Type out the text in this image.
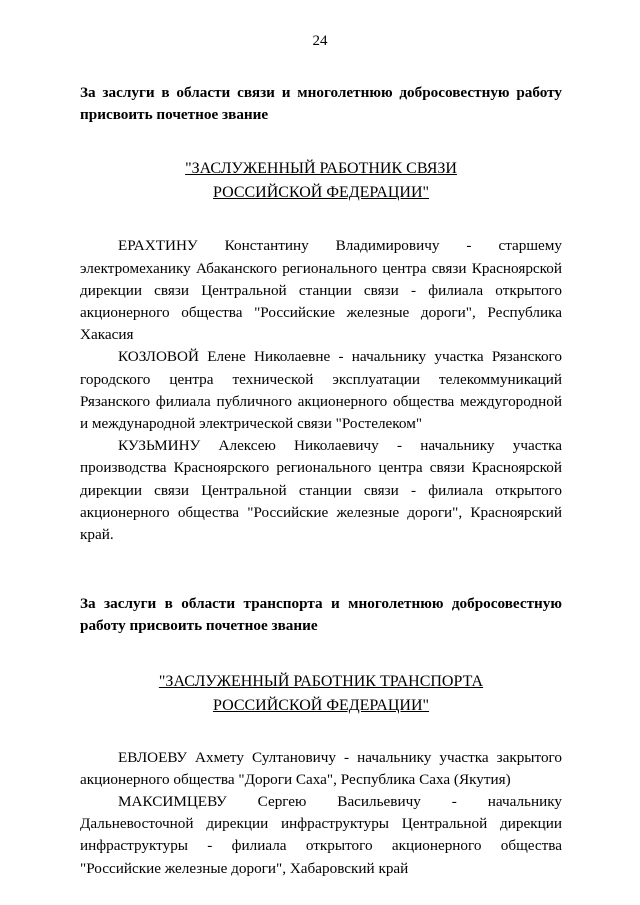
24

За заслуги в области связи и многолетнюю добросовестную работу присвоить почетное звание

"ЗАСЛУЖЕННЫЙ РАБОТНИК СВЯЗИ
РОССИЙСКОЙ ФЕДЕРАЦИИ"

ЕРАХТИНУ Константину Владимировичу - старшему электромеханику Абаканского регионального центра связи Красноярской дирекции связи Центральной станции связи - филиала открытого акционерного общества "Российские железные дороги", Республика Хакасия

КОЗЛОВОЙ Елене Николаевне - начальнику участка Рязанского городского центра технической эксплуатации телекоммуникаций Рязанского филиала публичного акционерного общества междугородной и международной электрической связи "Ростелеком"

КУЗЬМИНУ Алексею Николаевичу - начальнику участка производства Красноярского регионального центра связи Красноярской дирекции связи Центральной станции связи - филиала открытого акционерного общества "Российские железные дороги", Красноярский край.

За заслуги в области транспорта и многолетнюю добросовестную работу присвоить почетное звание

"ЗАСЛУЖЕННЫЙ РАБОТНИК ТРАНСПОРТА
РОССИЙСКОЙ ФЕДЕРАЦИИ"

ЕВЛОЕВУ Ахмету Султановичу - начальнику участка закрытого акционерного общества "Дороги Саха", Республика Саха (Якутия)

МАКСИМЦЕВУ Сергею Васильевичу - начальнику Дальневосточной дирекции инфраструктуры Центральной дирекции инфраструктуры - филиала открытого акционерного общества "Российские железные дороги", Хабаровский край
